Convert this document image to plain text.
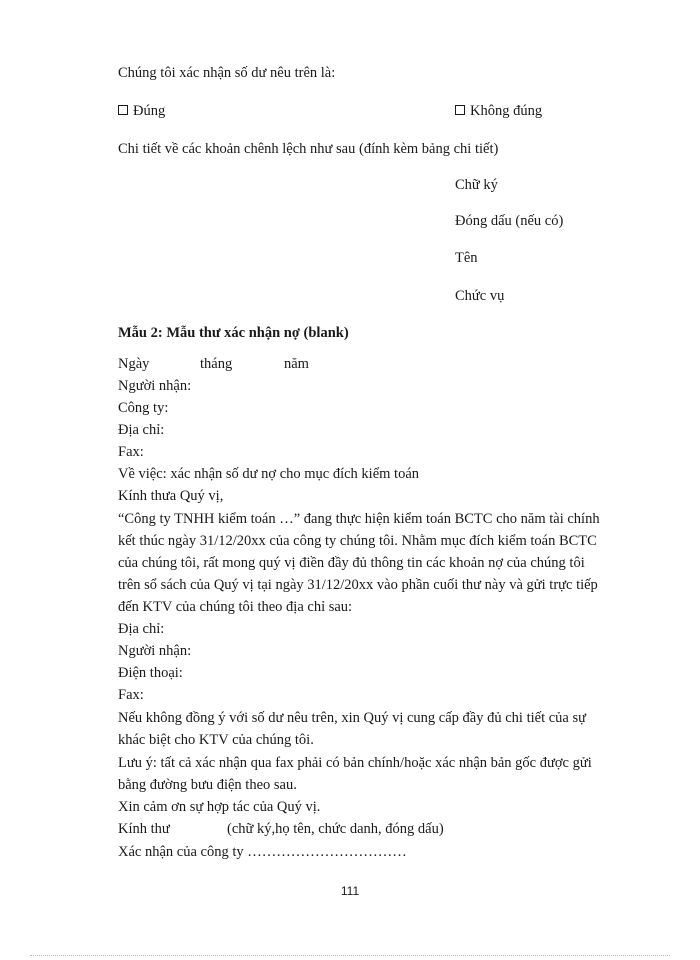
Chúng tôi xác nhận số dư nêu trên là:
Đúng	Không đúng
Chi tiết về các khoản chênh lệch như sau (đính kèm bảng chi tiết)
Chữ ký
Đóng dấu (nếu có)
Tên
Chức vụ
Mẫu 2: Mẫu thư xác nhận nợ (blank)
Ngày	tháng	năm
Người nhận:
Công ty:
Địa chỉ:
Fax:
Về việc: xác nhận số dư nợ cho mục đích kiểm toán
Kính thưa Quý vị,
“Công ty TNHH kiểm toán …” đang thực hiện kiểm toán BCTC cho năm tài chính
kết thúc ngày 31/12/20xx của công ty chúng tôi. Nhằm mục đích kiểm toán BCTC
của chúng tôi, rất mong quý vị điền đầy đủ thông tin các khoản nợ của chúng tôi
trên sổ sách của Quý vị tại ngày 31/12/20xx vào phần cuối thư này và gửi trực tiếp
đến KTV của chúng tôi theo địa chỉ sau:
Địa chỉ:
Người nhận:
Điện thoại:
Fax:
Nếu không đồng ý với số dư nêu trên, xin Quý vị cung cấp đầy đủ chi tiết của sự
khác biệt cho KTV của chúng tôi.
Lưu ý: tất cả xác nhận qua fax phải có bản chính/hoặc xác nhận bản gốc được gửi
bằng đường bưu điện theo sau.
Xin cảm ơn sự hợp tác của Quý vị.
Kính thư	(chữ ký,họ tên, chức danh, đóng dấu)
Xác nhận của công ty ……………………………
111
